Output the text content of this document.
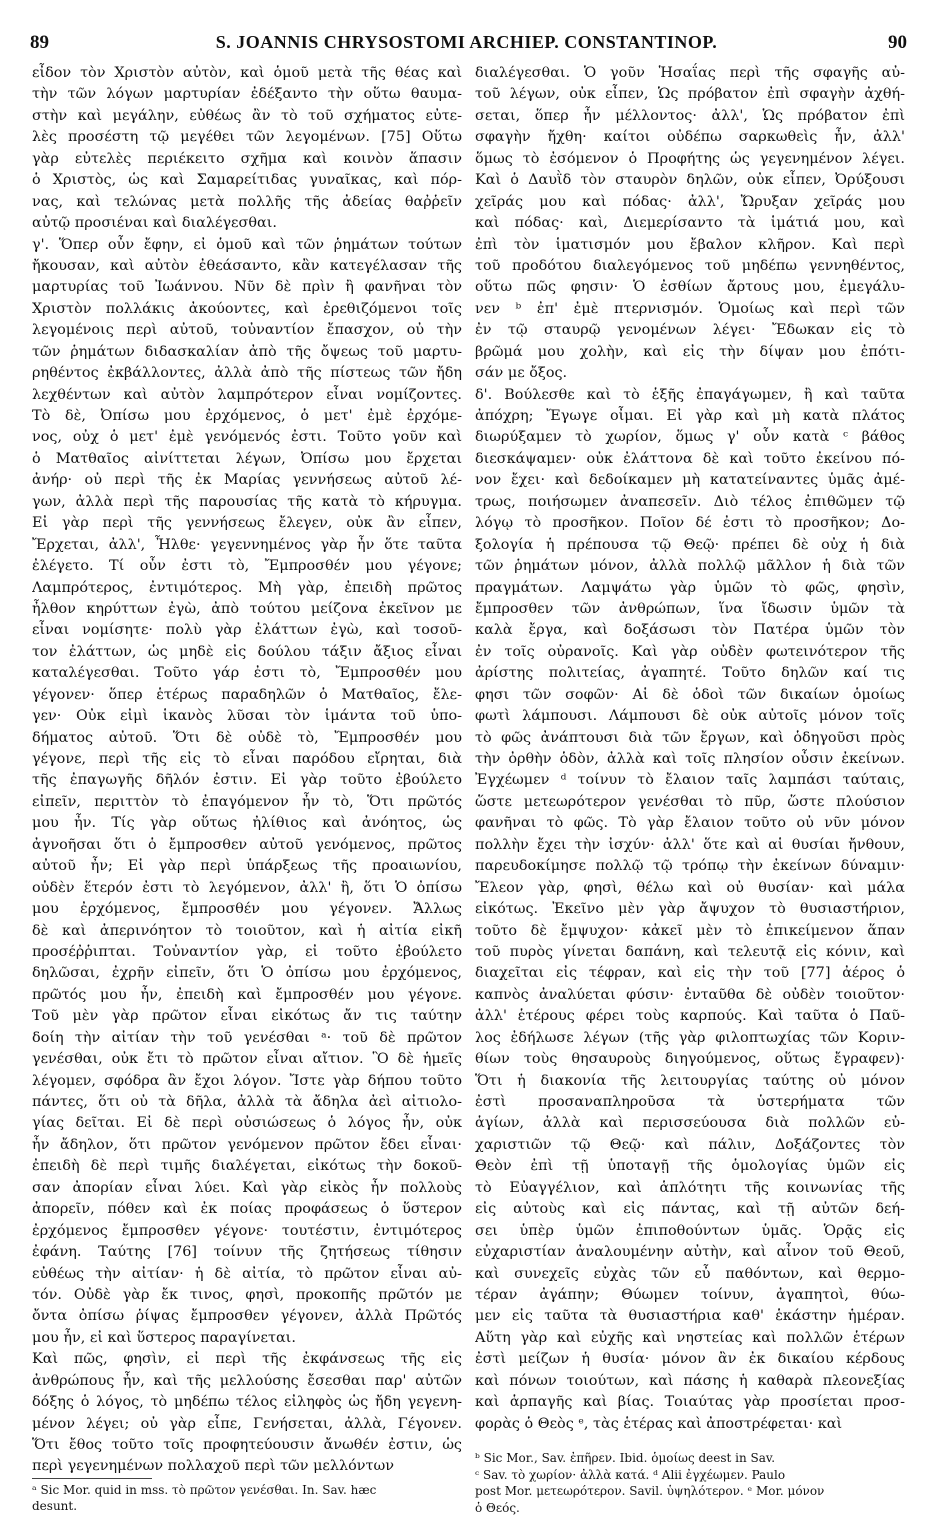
89	S. JOANNIS CHRYSOSTOMI ARCHIEP. CONSTANTINOP.	90
εἶδον τὸν Χριστὸν αὐτὸν, καὶ ὁμοῦ μετὰ τῆς θέας καὶ
τὴν τῶν λόγων μαρτυρίαν ἐδέξαντο τὴν οὕτω θαυμα-
στὴν καὶ μεγάλην, εὐθέως ἂν τὸ τοῦ σχήματος εὐτε-
λὲς προσέστη τῷ μεγέθει τῶν λεγομένων. [75] Οὕτω
γὰρ εὐτελὲς περιέκειτο σχῆμα καὶ κοινὸν ἅπασιν
ὁ Χριστὸς, ὡς καὶ Σαμαρείτιδας γυναῖκας, καὶ πόρ-
νας, καὶ τελώνας μετὰ πολλῆς τῆς ἀδείας θαῤῥεῖν
αὐτῷ προσιέναι καὶ διαλέγεσθαι.
γ'. Ὅπερ οὖν ἔφην, εἰ ὁμοῦ καὶ τῶν ῥημάτων τούτων
ἤκουσαν, καὶ αὐτὸν ἐθεάσαντο, κἂν κατεγέλασαν τῆς
μαρτυρίας τοῦ Ἰωάννου. Νῦν δὲ πρὶν ἢ φανῆναι τὸν
Χριστὸν πολλάκις ἀκούοντες, καὶ ἐρεθιζόμενοι τοῖς
λεγομένοις περὶ αὐτοῦ, τοὐναντίον ἔπασχον, οὐ τὴν
τῶν ῥημάτων διδασκαλίαν ἀπὸ τῆς ὄψεως τοῦ μαρτυ-
ρηθέντος ἐκβάλλοντες, ἀλλὰ ἀπὸ τῆς πίστεως τῶν ἤδη
λεχθέντων καὶ αὐτὸν λαμπρότερον εἶναι νομίζοντες.
Τὸ δὲ, Ὀπίσω μου ἐρχόμενος, ὁ μετ' ἐμὲ ἐρχόμε-
νος, οὐχ ὁ μετ' ἐμὲ γενόμενός ἐστι. Τοῦτο γοῦν καὶ
ὁ Ματθαῖος αἰνίττεται λέγων, Ὀπίσω μου ἔρχεται
ἀνήρ· οὐ περὶ τῆς ἐκ Μαρίας γεννήσεως αὐτοῦ λέ-
γων, ἀλλὰ περὶ τῆς παρουσίας τῆς κατὰ τὸ κήρυγμα.
Εἰ γὰρ περὶ τῆς γεννήσεως ἔλεγεν, οὐκ ἂν εἶπεν,
Ἔρχεται, ἀλλ', Ἦλθε· γεγεννημένος γὰρ ἦν ὅτε ταῦτα
ἐλέγετο. Τί οὖν ἐστι τὸ, Ἔμπροσθέν μου γέγονε;
Λαμπρότερος, ἐντιμότερος. Μὴ γὰρ, ἐπειδὴ πρῶτος
ἦλθον κηρύττων ἐγὼ, ἀπὸ τούτου μείζονα ἐκεῖνον με
εἶναι νομίσητε· πολὺ γὰρ ἐλάττων ἐγὼ, καὶ τοσοῦ-
τον ἐλάττων, ὡς μηδὲ εἰς δούλου τάξιν ἄξιος εἶναι
καταλέγεσθαι. Τοῦτο γάρ ἐστι τὸ, Ἔμπροσθέν μου
γέγονεν· ὅπερ ἑτέρως παραδηλῶν ὁ Ματθαῖος, ἔλε-
γεν· Οὐκ εἰμὶ ἱκανὸς λῦσαι τὸν ἱμάντα τοῦ ὑπο-
δήματος αὐτοῦ. Ὅτι δὲ οὐδὲ τὸ, Ἔμπροσθέν μου
γέγονε, περὶ τῆς εἰς τὸ εἶναι παρόδου εἴρηται, διὰ
τῆς ἐπαγωγῆς δῆλόν ἐστιν. Εἰ γὰρ τοῦτο ἐβούλετο
εἰπεῖν, περιττὸν τὸ ἐπαγόμενον ἦν τὸ, Ὅτι πρῶτός
μου ἦν. Τίς γὰρ οὕτως ἠλίθιος καὶ ἀνόητος, ὡς
ἀγνοῆσαι ὅτι ὁ ἔμπροσθεν αὐτοῦ γενόμενος, πρῶτος
αὐτοῦ ἦν; Εἰ γὰρ περὶ ὑπάρξεως τῆς προαιωνίου,
οὐδὲν ἕτερόν ἐστι τὸ λεγόμενον, ἀλλ' ἢ, ὅτι Ὁ ὀπίσω
μου ἐρχόμενος, ἔμπροσθέν μου γέγονεν. Ἄλλως
δὲ καὶ ἀπερινόητον τὸ τοιοῦτον, καὶ ἡ αἰτία εἰκῆ
προσέῤῥιπται. Τοὐναντίον γὰρ, εἰ τοῦτο ἐβούλετο
δηλῶσαι, ἐχρῆν εἰπεῖν, ὅτι Ὁ ὀπίσω μου ἐρχόμενος,
πρῶτός μου ἦν, ἐπειδὴ καὶ ἔμπροσθέν μου γέγονε.
Τοῦ μὲν γὰρ πρῶτον εἶναι εἰκότως ἄν τις ταύτην
δοίη τὴν αἰτίαν τὴν τοῦ γενέσθαι ᵃ· τοῦ δὲ πρῶτον
γενέσθαι, οὐκ ἔτι τὸ πρῶτον εἶναι αἴτιον. Ὃ δὲ ἡμεῖς
λέγομεν, σφόδρα ἂν ἔχοι λόγον. Ἴστε γὰρ δήπου τοῦτο
πάντες, ὅτι οὐ τὰ δῆλα, ἀλλὰ τὰ ἄδηλα ἀεὶ αἰτιολο-
γίας δεῖται. Εἰ δὲ περὶ οὐσιώσεως ὁ λόγος ἦν, οὐκ
ἦν ἄδηλον, ὅτι πρῶτον γενόμενον πρῶτον ἔδει εἶναι·
ἐπειδὴ δὲ περὶ τιμῆς διαλέγεται, εἰκότως τὴν δοκοῦ-
σαν ἀπορίαν εἶναι λύει. Καὶ γὰρ εἰκὸς ἦν πολλοὺς
ἀπορεῖν, πόθεν καὶ ἐκ ποίας προφάσεως ὁ ὕστερον
ἐρχόμενος ἔμπροσθεν γέγονε· τουτέστιν, ἐντιμότερος
ἐφάνη. Ταύτης [76] τοίνυν τῆς ζητήσεως τίθησιν
εὐθέως τὴν αἰτίαν· ἡ δὲ αἰτία, τὸ πρῶτον εἶναι αὐ-
τόν. Οὐδὲ γὰρ ἔκ τινος, φησὶ, προκοπῆς πρῶτόν με
ὄντα ὀπίσω ῥίψας ἔμπροσθεν γέγονεν, ἀλλὰ Πρῶτός
μου ἦν, εἰ καὶ ὕστερος παραγίνεται.
Καὶ πῶς, φησὶν, εἰ περὶ τῆς ἐκφάνσεως τῆς εἰς
ἀνθρώπους ἦν, καὶ τῆς μελλούσης ἔσεσθαι παρ' αὐτῶν
δόξης ὁ λόγος, τὸ μηδέπω τέλος εἰληφὸς ὡς ἤδη γεγενη-
μένον λέγει; οὐ γὰρ εἶπε, Γενήσεται, ἀλλὰ, Γέγονεν.
Ὅτι ἔθος τοῦτο τοῖς προφητεύουσιν ἄνωθέν ἐστιν, ὡς
περὶ γεγενημένων πολλαχοῦ περὶ τῶν μελλόντων
διαλέγεσθαι. Ὁ γοῦν Ἡσαΐας περὶ τῆς σφαγῆς αὐ-
τοῦ λέγων, οὐκ εἶπεν, Ὡς πρόβατον ἐπὶ σφαγὴν ἀχθή-
σεται, ὅπερ ἦν μέλλοντος· ἀλλ', Ὡς πρόβατον ἐπὶ
σφαγὴν ἤχθη· καίτοι οὐδέπω σαρκωθεὶς ἦν, ἀλλ'
ὅμως τὸ ἐσόμενον ὁ Προφήτης ὡς γεγενημένον λέγει.
Καὶ ὁ Δαυῒδ τὸν σταυρὸν δηλῶν, οὐκ εἶπεν, Ὀρύξουσι
χεῖράς μου καὶ πόδας· ἀλλ', Ὤρυξαν χεῖράς μου
καὶ πόδας· καὶ, Διεμερίσαντο τὰ ἱμάτιά μου, καὶ
ἐπὶ τὸν ἱματισμόν μου ἔβαλον κλῆρον. Καὶ περὶ
τοῦ προδότου διαλεγόμενος τοῦ μηδέπω γεννηθέντος,
οὕτω πῶς φησιν· Ὁ ἐσθίων ἄρτους μου, ἐμεγάλυ-
νεν ᵇ ἐπ' ἐμὲ πτερνισμόν. Ὁμοίως καὶ περὶ τῶν
ἐν τῷ σταυρῷ γενομένων λέγει· Ἔδωκαν εἰς τὸ
βρῶμά μου χολὴν, καὶ εἰς τὴν δίψαν μου ἐπότι-
σάν με ὄξος.
δ'. Βούλεσθε καὶ τὸ ἑξῆς ἐπαγάγωμεν, ἢ καὶ ταῦτα
ἀπόχρη; Ἔγωγε οἶμαι. Εἰ γὰρ καὶ μὴ κατὰ πλάτος
διωρύξαμεν τὸ χωρίον, ὅμως γ' οὖν κατὰ ᶜ βάθος
διεσκάψαμεν· οὐκ ἐλάττονα δὲ καὶ τοῦτο ἐκείνου πό-
νον ἔχει· καὶ δεδοίκαμεν μὴ κατατείναντες ὑμᾶς ἀμέ-
τρως, ποιήσωμεν ἀναπεσεῖν. Διὸ τέλος ἐπιθῶμεν τῷ
λόγῳ τὸ προσῆκον. Ποῖον δέ ἐστι τὸ προσῆκον; Δο-
ξολογία ἡ πρέπουσα τῷ Θεῷ· πρέπει δὲ οὐχ ἡ διὰ
τῶν ῥημάτων μόνον, ἀλλὰ πολλῷ μᾶλλον ἡ διὰ τῶν
πραγμάτων. Λαμψάτω γὰρ ὑμῶν τὸ φῶς, φησὶν,
ἔμπροσθεν τῶν ἀνθρώπων, ἵνα ἴδωσιν ὑμῶν τὰ
καλὰ ἔργα, καὶ δοξάσωσι τὸν Πατέρα ὑμῶν τὸν
ἐν τοῖς οὐρανοῖς. Καὶ γὰρ οὐδὲν φωτεινότερον τῆς
ἀρίστης πολιτείας, ἀγαπητέ. Τοῦτο δηλῶν καί τις
φησι τῶν σοφῶν· Αἱ δὲ ὁδοὶ τῶν δικαίων ὁμοίως
φωτὶ λάμπουσι. Λάμπουσι δὲ οὐκ αὐτοῖς μόνον τοῖς
τὸ φῶς ἀνάπτουσι διὰ τῶν ἔργων, καὶ ὁδηγοῦσι πρὸς
τὴν ὀρθὴν ὁδὸν, ἀλλὰ καὶ τοῖς πλησίον οὖσιν ἐκείνων.
Ἐγχέωμεν ᵈ τοίνυν τὸ ἔλαιον ταῖς λαμπάσι ταύταις,
ὥστε μετεωρότερον γενέσθαι τὸ πῦρ, ὥστε πλούσιον
φανῆναι τὸ φῶς. Τὸ γὰρ ἔλαιον τοῦτο οὐ νῦν μόνον
πολλὴν ἔχει τὴν ἰσχύν· ἀλλ' ὅτε καὶ αἱ θυσίαι ἤνθουν,
παρευδοκίμησε πολλῷ τῷ τρόπῳ τὴν ἐκείνων δύναμιν·
Ἔλεον γὰρ, φησὶ, θέλω καὶ οὐ θυσίαν· καὶ μάλα
εἰκότως. Ἐκεῖνο μὲν γὰρ ἄψυχον τὸ θυσιαστήριον,
τοῦτο δὲ ἔμψυχον· κἀκεῖ μὲν τὸ ἐπικείμενον ἅπαν
τοῦ πυρὸς γίνεται δαπάνη, καὶ τελευτᾷ εἰς κόνιν, καὶ
διαχεῖται εἰς τέφραν, καὶ εἰς τὴν τοῦ [77] ἀέρος ὁ
καπνὸς ἀναλύεται φύσιν· ἐνταῦθα δὲ οὐδὲν τοιοῦτον·
ἀλλ' ἑτέρους φέρει τοὺς καρπούς. Καὶ ταῦτα ὁ Παῦ-
λος ἐδήλωσε λέγων (τῆς γὰρ φιλοπτωχίας τῶν Κοριν-
θίων τοὺς θησαυροὺς διηγούμενος, οὕτως ἔγραφεν)·
Ὅτι ἡ διακονία τῆς λειτουργίας ταύτης οὐ μόνον
ἐστὶ προσαναπληροῦσα τὰ ὑστερήματα τῶν
ἁγίων, ἀλλὰ καὶ περισσεύουσα διὰ πολλῶν εὐ-
χαριστιῶν τῷ Θεῷ· καὶ πάλιν, Δοξάζοντες τὸν
Θεὸν ἐπὶ τῇ ὑποταγῇ τῆς ὁμολογίας ὑμῶν εἰς
τὸ Εὐαγγέλιον, καὶ ἁπλότητι τῆς κοινωνίας τῆς
εἰς αὐτοὺς καὶ εἰς πάντας, καὶ τῇ αὐτῶν δεή-
σει ὑπὲρ ὑμῶν ἐπιποθούντων ὑμᾶς. Ὁρᾷς εἰς
εὐχαριστίαν ἀναλουμένην αὐτὴν, καὶ αἶνον τοῦ Θεοῦ,
καὶ συνεχεῖς εὐχὰς τῶν εὖ παθόντων, καὶ θερμο-
τέραν ἀγάπην; Θύωμεν τοίνυν, ἀγαπητοὶ, θύω-
μεν εἰς ταῦτα τὰ θυσιαστήρια καθ' ἑκάστην ἡμέραν.
Αὕτη γὰρ καὶ εὐχῆς καὶ νηστείας καὶ πολλῶν ἑτέρων
ἐστὶ μείζων ἡ θυσία· μόνον ἂν ἐκ δικαίου κέρδους
καὶ πόνων τοιούτων, καὶ πάσης ἡ καθαρὰ πλεονεξίας
καὶ ἁρπαγῆς καὶ βίας. Τοιαύτας γὰρ προσίεται προσ-
φορὰς ὁ Θεὸς ᵉ, τὰς ἑτέρας καὶ ἀποστρέφεται· καὶ
ᵃ Sic Mor. quid in mss. τὸ πρῶτον γενέσθαι. In. Sav. hæc
desunt.
ᵇ Sic Mor., Sav. ἐπῆρεν. Ibid. ὁμοίως deest in Sav.
ᶜ Sav. τὸ χωρίον· ἀλλὰ κατά. ᵈ Alii ἐγχέωμεν. Paulo
post Mor. μετεωρότερον. Savil. ὑψηλότερον. ᵉ Mor. μόνον
ὁ Θεός.
